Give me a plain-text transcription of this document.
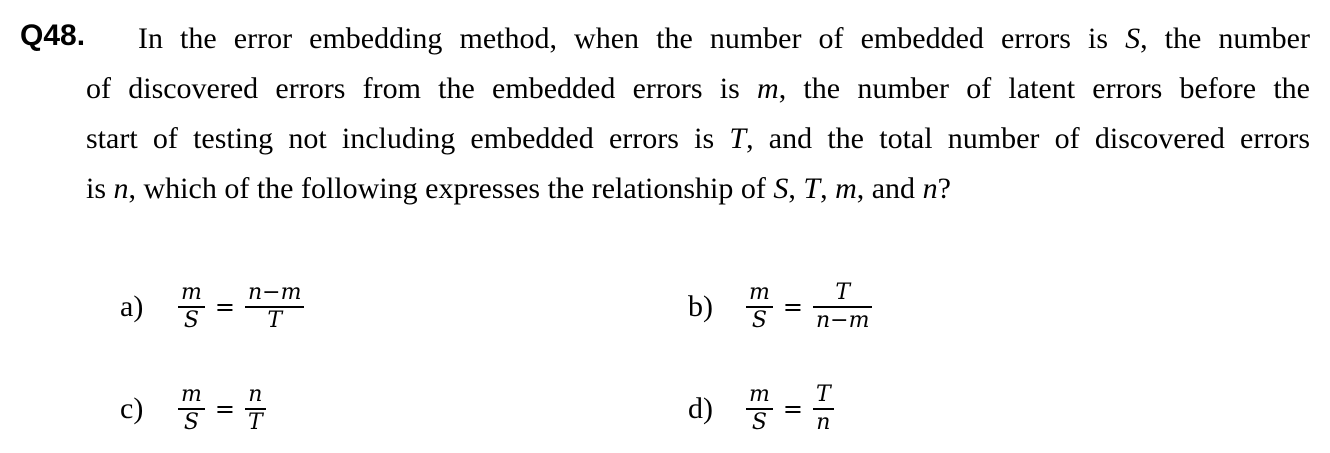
Q48.	In the error embedding method, when the number of embedded errors is S, the number
of discovered errors from the embedded errors is m, the number of latent errors before the
start of testing not including embedded errors is T, and the total number of discovered errors
is n, which of the following expresses the relationship of S, T, m, and n?
a)	$\frac{m}{S} = \frac{n-m}{T}$	b)	$\frac{m}{S} = \frac{T}{n-m}$
c)	$\frac{m}{S} = \frac{n}{T}$	d)	$\frac{m}{S} = \frac{T}{n}$
